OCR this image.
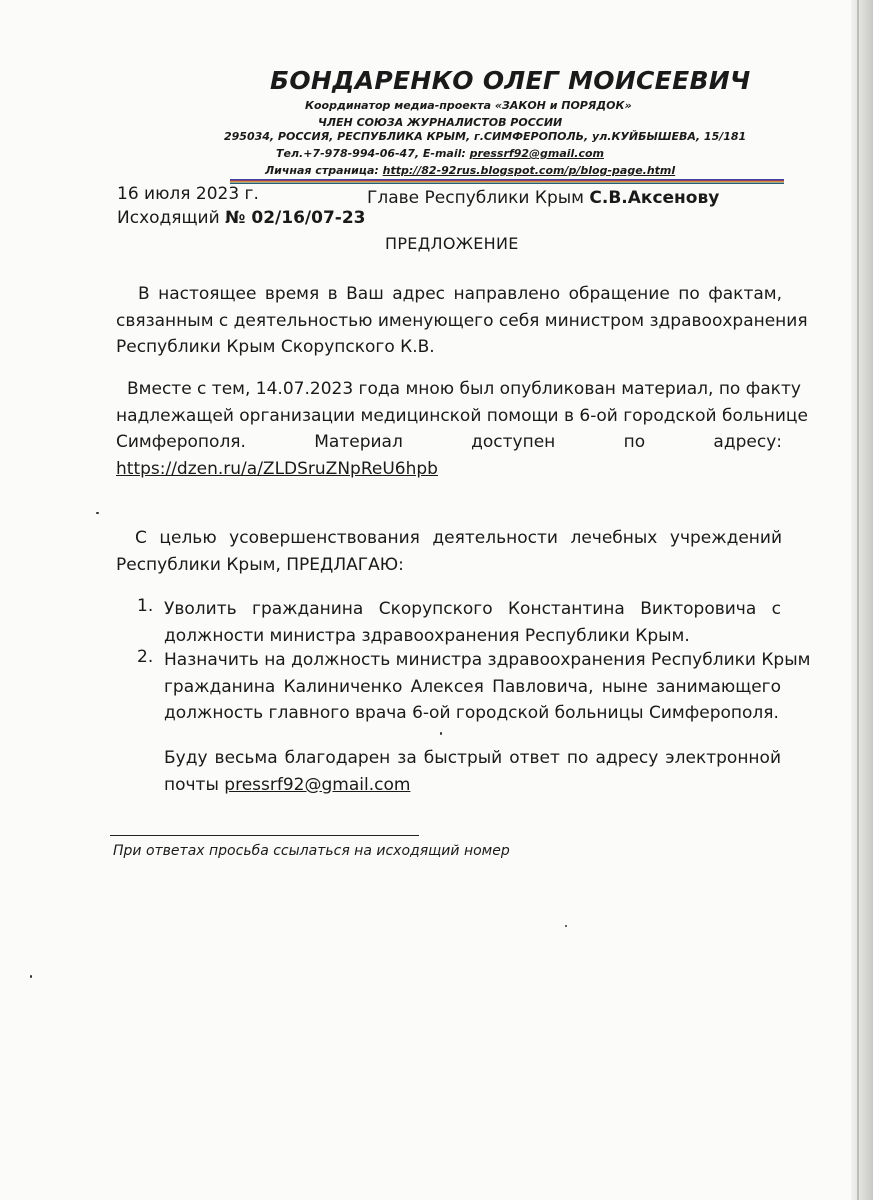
БОНДАРЕНКО ОЛЕГ МОИСЕЕВИЧ
Координатор медиа-проекта «ЗАКОН и ПОРЯДОК»
ЧЛЕН СОЮЗА ЖУРНАЛИСТОВ РОССИИ
295034, РОССИЯ, РЕСПУБЛИКА КРЫМ, г.СИМФЕРОПОЛЬ, ул.КУЙБЫШЕВА, 15/181
Тел.+7-978-994-06-47, E-mail: pressrf92@gmail.com
Личная страница: http://82-92rus.blogspot.com/p/blog-page.html
16 июля 2023 г.
Исходящий № 02/16/07-23
Главе Республики Крым С.В.Аксенову
ПРЕДЛОЖЕНИЕ
В настоящее время в Ваш адрес направлено обращение по фактам,
связанным с деятельностью именующего себя министром здравоохранения
Республики Крым Скорупского К.В.
Вместе с тем, 14.07.2023 года мною был опубликован материал, по факту
надлежащей организации медицинской помощи в 6-ой городской больнице
Симферополя. Материал доступен по адресу:
https://dzen.ru/a/ZLDSruZNpReU6hpb
С целью усовершенствования деятельности лечебных учреждений
Республики Крым, ПРЕДЛАГАЮ:
1. Уволить гражданина Скорупского Константина Викторовича с
должности министра здравоохранения Республики Крым.
2. Назначить на должность министра здравоохранения Республики Крым
гражданина Калиниченко Алексея Павловича, ныне занимающего
должность главного врача 6-ой городской больницы Симферополя.
Буду весьма благодарен за быстрый ответ по адресу электронной
почты pressrf92@gmail.com
При ответах просьба ссылаться на исходящий номер
